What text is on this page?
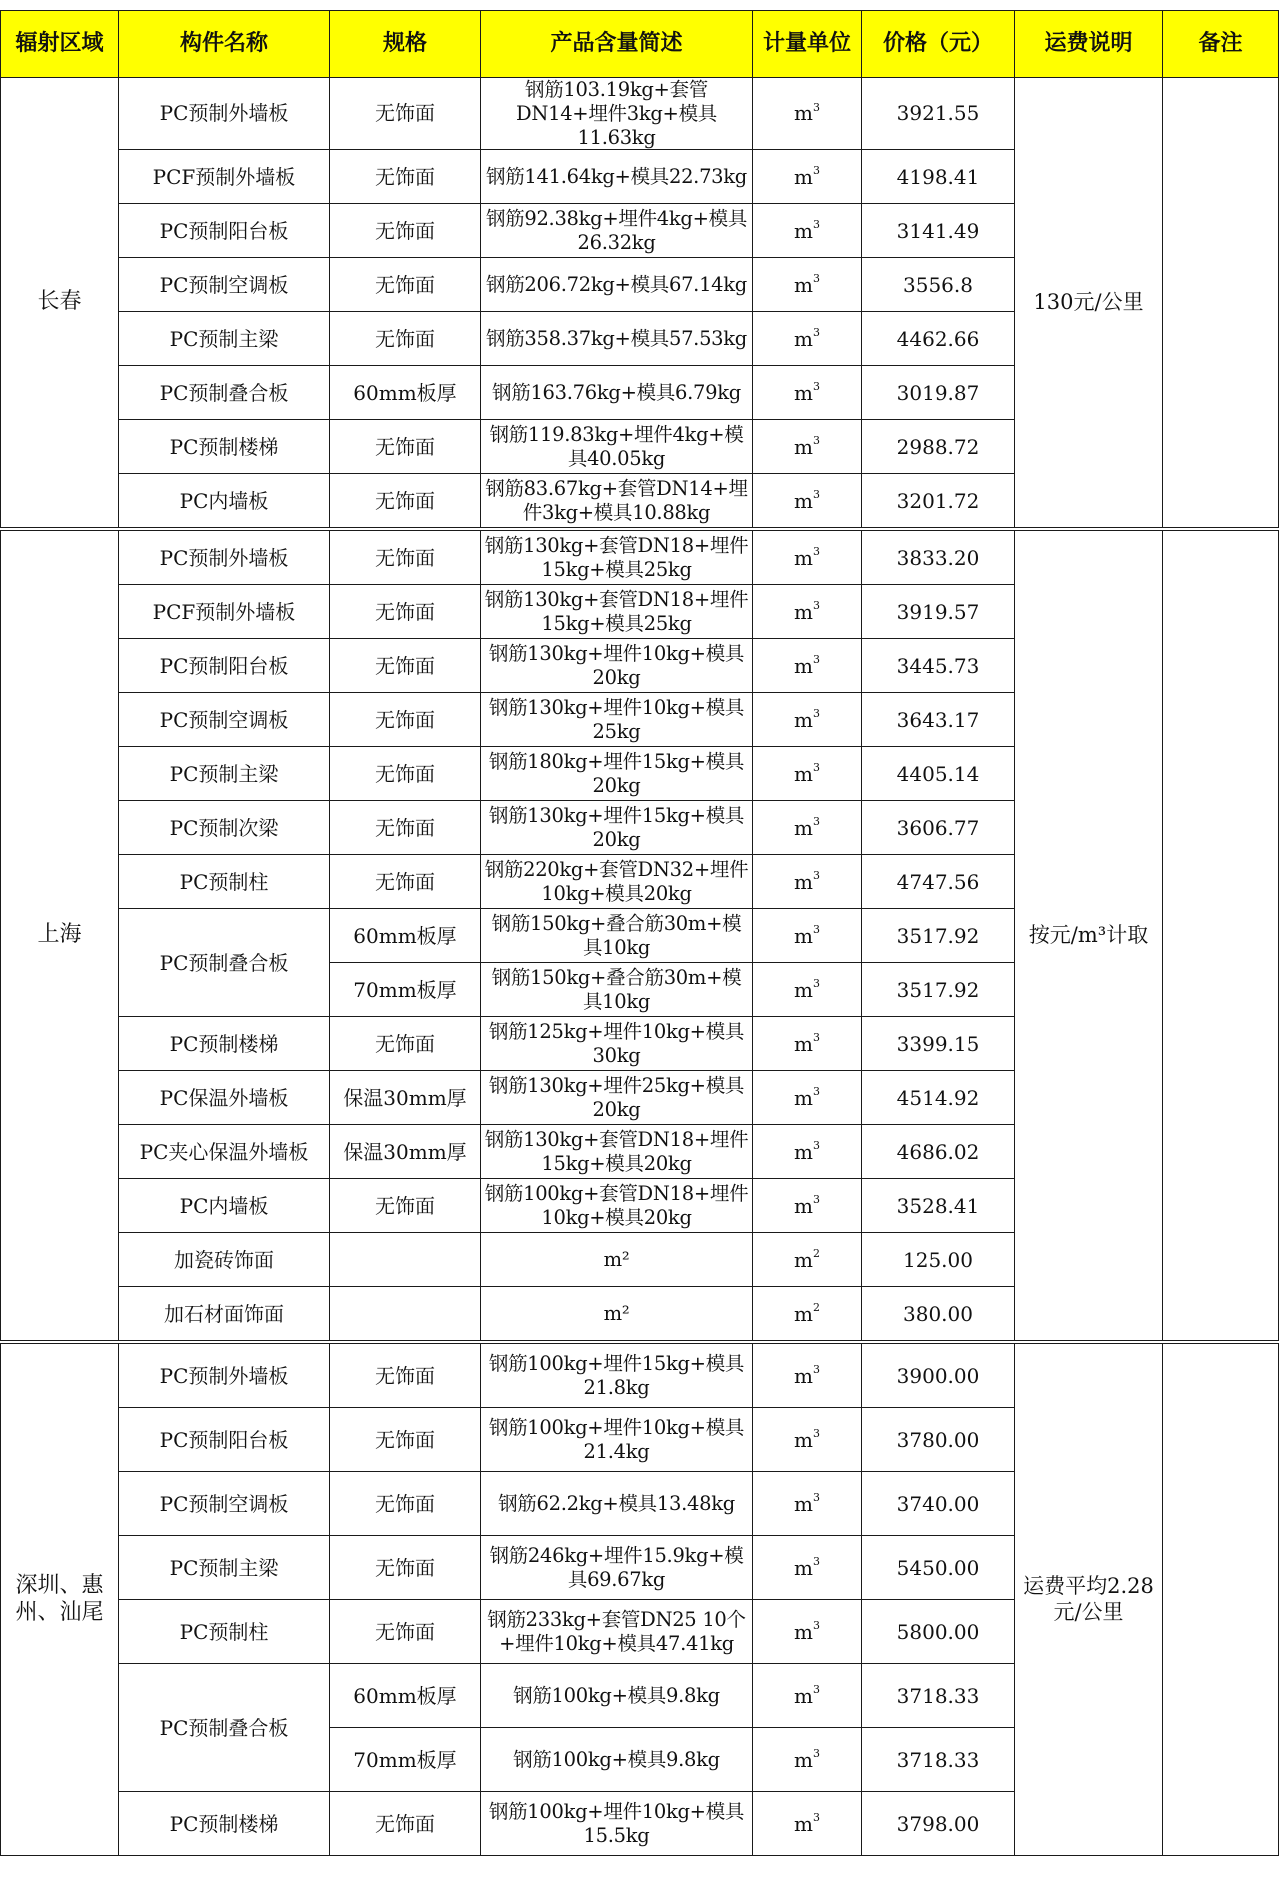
辐射区域	构件名称	规格	产品含量简述	计量单位	价格（元）	运费说明	备注
长春	PC预制外墙板	无饰面	钢筋103.19kg+套管DN14+埋件3kg+模具11.63kg	$m^3$	3921.55	130元/公里	
	PCF预制外墙板	无饰面	钢筋141.64kg+模具22.73kg	$m^3$	4198.41		
	PC预制阳台板	无饰面	钢筋92.38kg+埋件4kg+模具26.32kg	$m^3$	3141.49		
	PC预制空调板	无饰面	钢筋206.72kg+模具67.14kg	$m^3$	3556.8		
	PC预制主梁	无饰面	钢筋358.37kg+模具57.53kg	$m^3$	4462.66		
	PC预制叠合板	60mm板厚	钢筋163.76kg+模具6.79kg	$m^3$	3019.87		
	PC预制楼梯	无饰面	钢筋119.83kg+埋件4kg+模具40.05kg	$m^3$	2988.72		
	PC内墙板	无饰面	钢筋83.67kg+套管DN14+埋件3kg+模具10.88kg	$m^3$	3201.72		
上海	PC预制外墙板	无饰面	钢筋130kg+套管DN18+埋件15kg+模具25kg	$m^3$	3833.20	按元/m³计取	
	PCF预制外墙板	无饰面	钢筋130kg+套管DN18+埋件15kg+模具25kg	$m^3$	3919.57		
	PC预制阳台板	无饰面	钢筋130kg+埋件10kg+模具20kg	$m^3$	3445.73		
	PC预制空调板	无饰面	钢筋130kg+埋件10kg+模具25kg	$m^3$	3643.17		
	PC预制主梁	无饰面	钢筋180kg+埋件15kg+模具20kg	$m^3$	4405.14		
	PC预制次梁	无饰面	钢筋130kg+埋件15kg+模具20kg	$m^3$	3606.77		
	PC预制柱	无饰面	钢筋220kg+套管DN32+埋件10kg+模具20kg	$m^3$	4747.56		
	PC预制叠合板	60mm板厚	钢筋150kg+叠合筋30m+模具10kg	$m^3$	3517.92		
		70mm板厚	钢筋150kg+叠合筋30m+模具10kg	$m^3$	3517.92		
	PC预制楼梯	无饰面	钢筋125kg+埋件10kg+模具30kg	$m^3$	3399.15		
	PC保温外墙板	保温30mm厚	钢筋130kg+埋件25kg+模具20kg	$m^3$	4514.92		
	PC夹心保温外墙板	保温30mm厚	钢筋130kg+套管DN18+埋件15kg+模具20kg	$m^3$	4686.02		
	PC内墙板	无饰面	钢筋100kg+套管DN18+埋件10kg+模具20kg	$m^3$	3528.41		
	加瓷砖饰面		m²	$m^2$	125.00		
	加石材面饰面		m²	$m^2$	380.00		
深圳、惠州、汕尾	PC预制外墙板	无饰面	钢筋100kg+埋件15kg+模具21.8kg	$m^3$	3900.00	运费平均2.28元/公里	
	PC预制阳台板	无饰面	钢筋100kg+埋件10kg+模具21.4kg	$m^3$	3780.00		
	PC预制空调板	无饰面	钢筋62.2kg+模具13.48kg	$m^3$	3740.00		
	PC预制主梁	无饰面	钢筋246kg+埋件15.9kg+模具69.67kg	$m^3$	5450.00		
	PC预制柱	无饰面	钢筋233kg+套管DN25 10个+埋件10kg+模具47.41kg	$m^3$	5800.00		
	PC预制叠合板	60mm板厚	钢筋100kg+模具9.8kg	$m^3$	3718.33		
		70mm板厚	钢筋100kg+模具9.8kg	$m^3$	3718.33		
	PC预制楼梯	无饰面	钢筋100kg+埋件10kg+模具15.5kg	$m^3$	3798.00		
